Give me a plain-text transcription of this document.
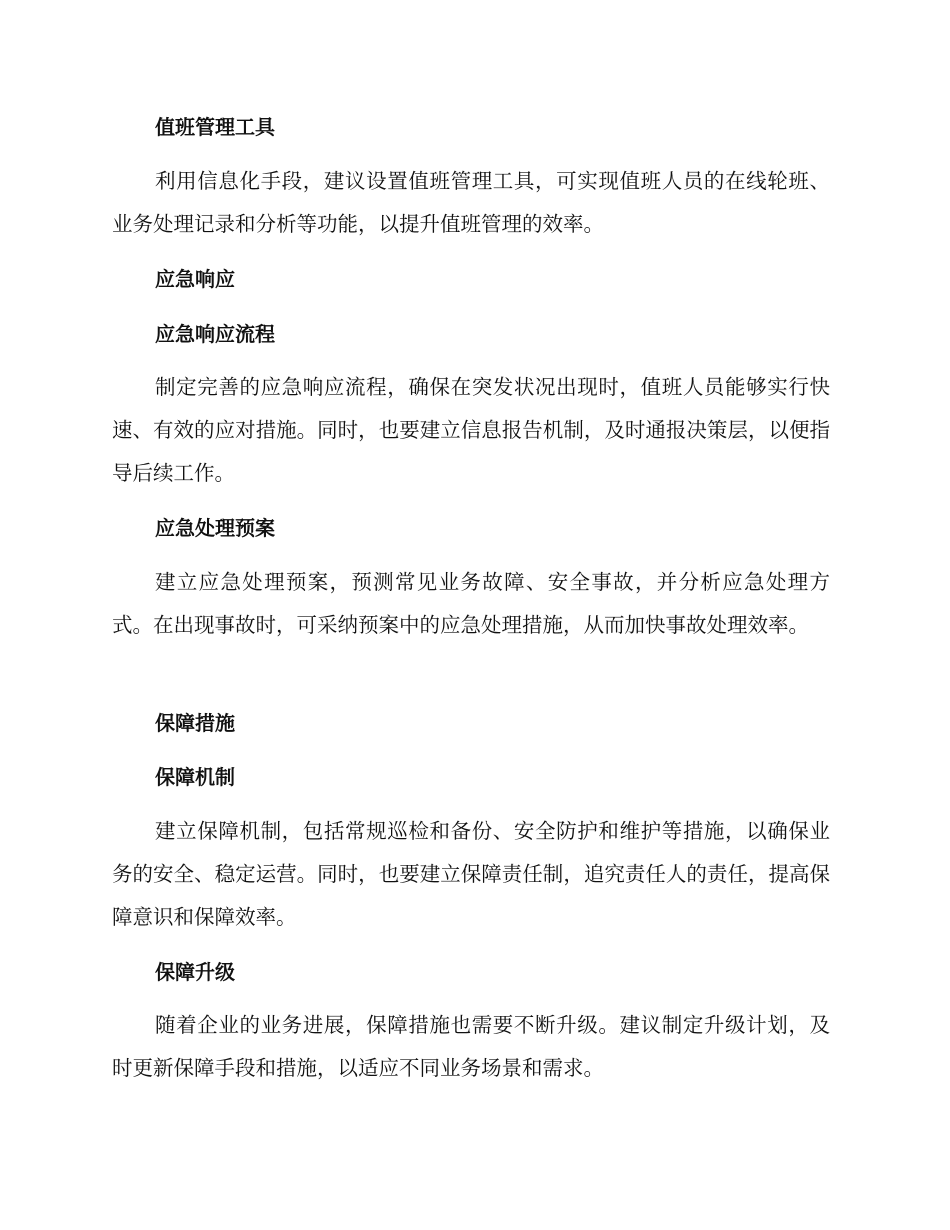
值班管理工具
利用信息化手段，建议设置值班管理工具，可实现值班人员的在线轮班、业务处理记录和分析等功能，以提升值班管理的效率。
应急响应
应急响应流程
制定完善的应急响应流程，确保在突发状况出现时，值班人员能够实行快速、有效的应对措施。同时，也要建立信息报告机制，及时通报决策层，以便指导后续工作。
应急处理预案
建立应急处理预案，预测常见业务故障、安全事故，并分析应急处理方式。在出现事故时，可采纳预案中的应急处理措施，从而加快事故处理效率。
保障措施
保障机制
建立保障机制，包括常规巡检和备份、安全防护和维护等措施，以确保业务的安全、稳定运营。同时，也要建立保障责任制，追究责任人的责任，提高保障意识和保障效率。
保障升级
随着企业的业务进展，保障措施也需要不断升级。建议制定升级计划，及时更新保障手段和措施，以适应不同业务场景和需求。
